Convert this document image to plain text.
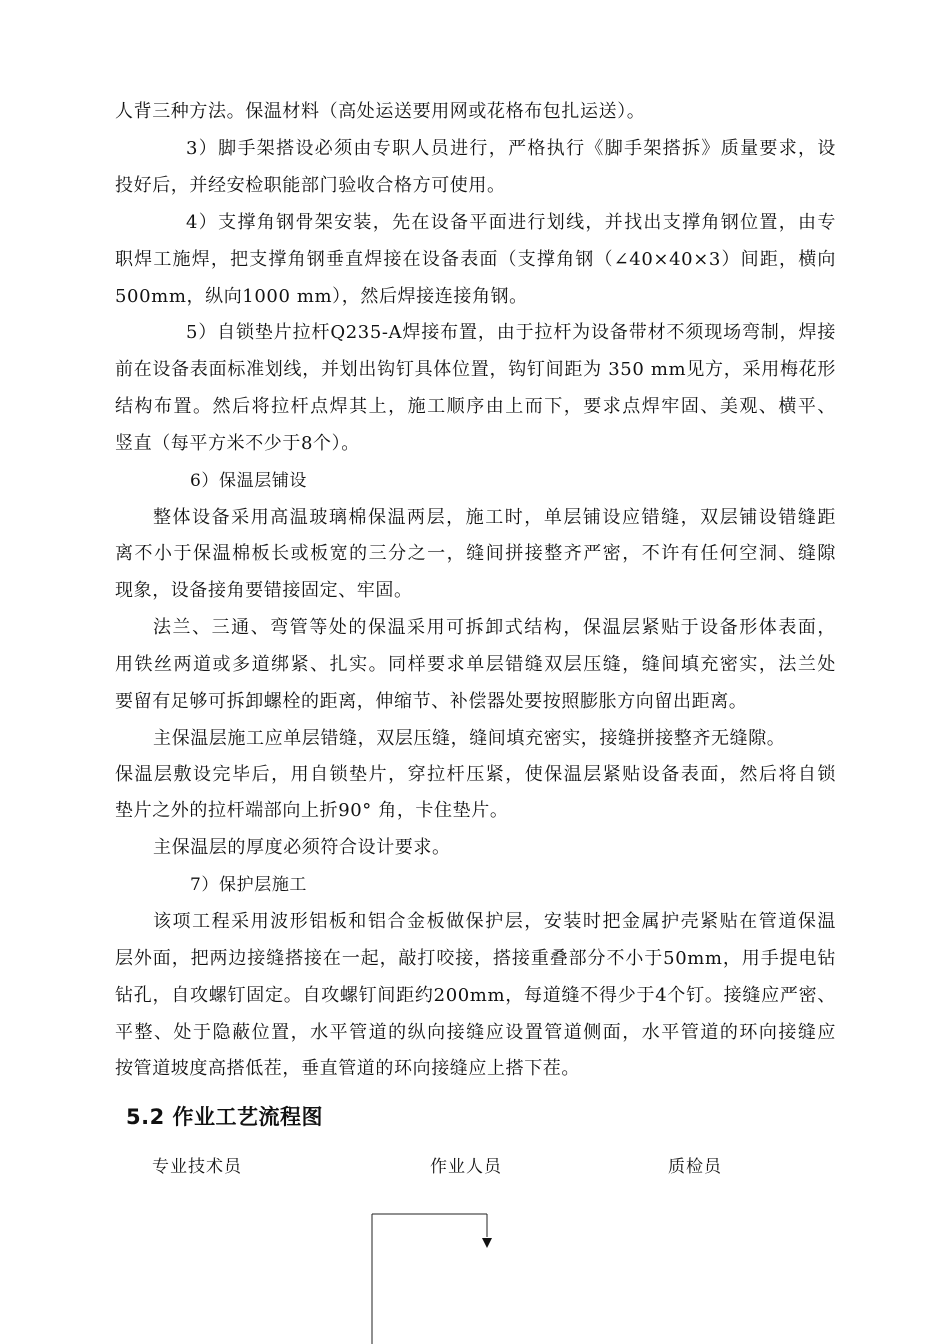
人背三种方法。保温材料（高处运送要用网或花格布包扎运送）。
3）脚手架搭设必须由专职人员进行，严格执行《脚手架搭拆》质量要求，设
投好后，并经安检职能部门验收合格方可使用。
4）支撑角钢骨架安装，先在设备平面进行划线，并找出支撑角钢位置，由专
职焊工施焊，把支撑角钢垂直焊接在设备表面（支撑角钢（∠40×40×3）间距，横向
500mm，纵向1000 mm），然后焊接连接角钢。
5）自锁垫片拉杆Q235-A焊接布置，由于拉杆为设备带材不须现场弯制，焊接
前在设备表面标准划线，并划出钩钉具体位置，钩钉间距为 350 mm见方，采用梅花形
结构布置。然后将拉杆点焊其上，施工顺序由上而下，要求点焊牢固、美观、横平、
竖直（每平方米不少于8个）。
6）保温层铺设
整体设备采用高温玻璃棉保温两层，施工时，单层铺设应错缝，双层铺设错缝距
离不小于保温棉板长或板宽的三分之一，缝间拼接整齐严密，不许有任何空洞、缝隙
现象，设备接角要错接固定、牢固。
法兰、三通、弯管等处的保温采用可拆卸式结构，保温层紧贴于设备形体表面，
用铁丝两道或多道绑紧、扎实。同样要求单层错缝双层压缝，缝间填充密实，法兰处
要留有足够可拆卸螺栓的距离，伸缩节、补偿器处要按照膨胀方向留出距离。
主保温层施工应单层错缝，双层压缝，缝间填充密实，接缝拼接整齐无缝隙。
保温层敷设完毕后，用自锁垫片，穿拉杆压紧，使保温层紧贴设备表面，然后将自锁
垫片之外的拉杆端部向上折90° 角，卡住垫片。
主保温层的厚度必须符合设计要求。
7）保护层施工
该项工程采用波形铝板和铝合金板做保护层，安装时把金属护壳紧贴在管道保温
层外面，把两边接缝搭接在一起，敲打咬接，搭接重叠部分不小于50mm，用手提电钻
钻孔，自攻螺钉固定。自攻螺钉间距约200mm，每道缝不得少于4个钉。接缝应严密、
平整、处于隐蔽位置，水平管道的纵向接缝应设置管道侧面，水平管道的环向接缝应
按管道坡度高搭低茬，垂直管道的环向接缝应上搭下茬。
5.2 作业工艺流程图
专业技术员	作业人员	质检员
